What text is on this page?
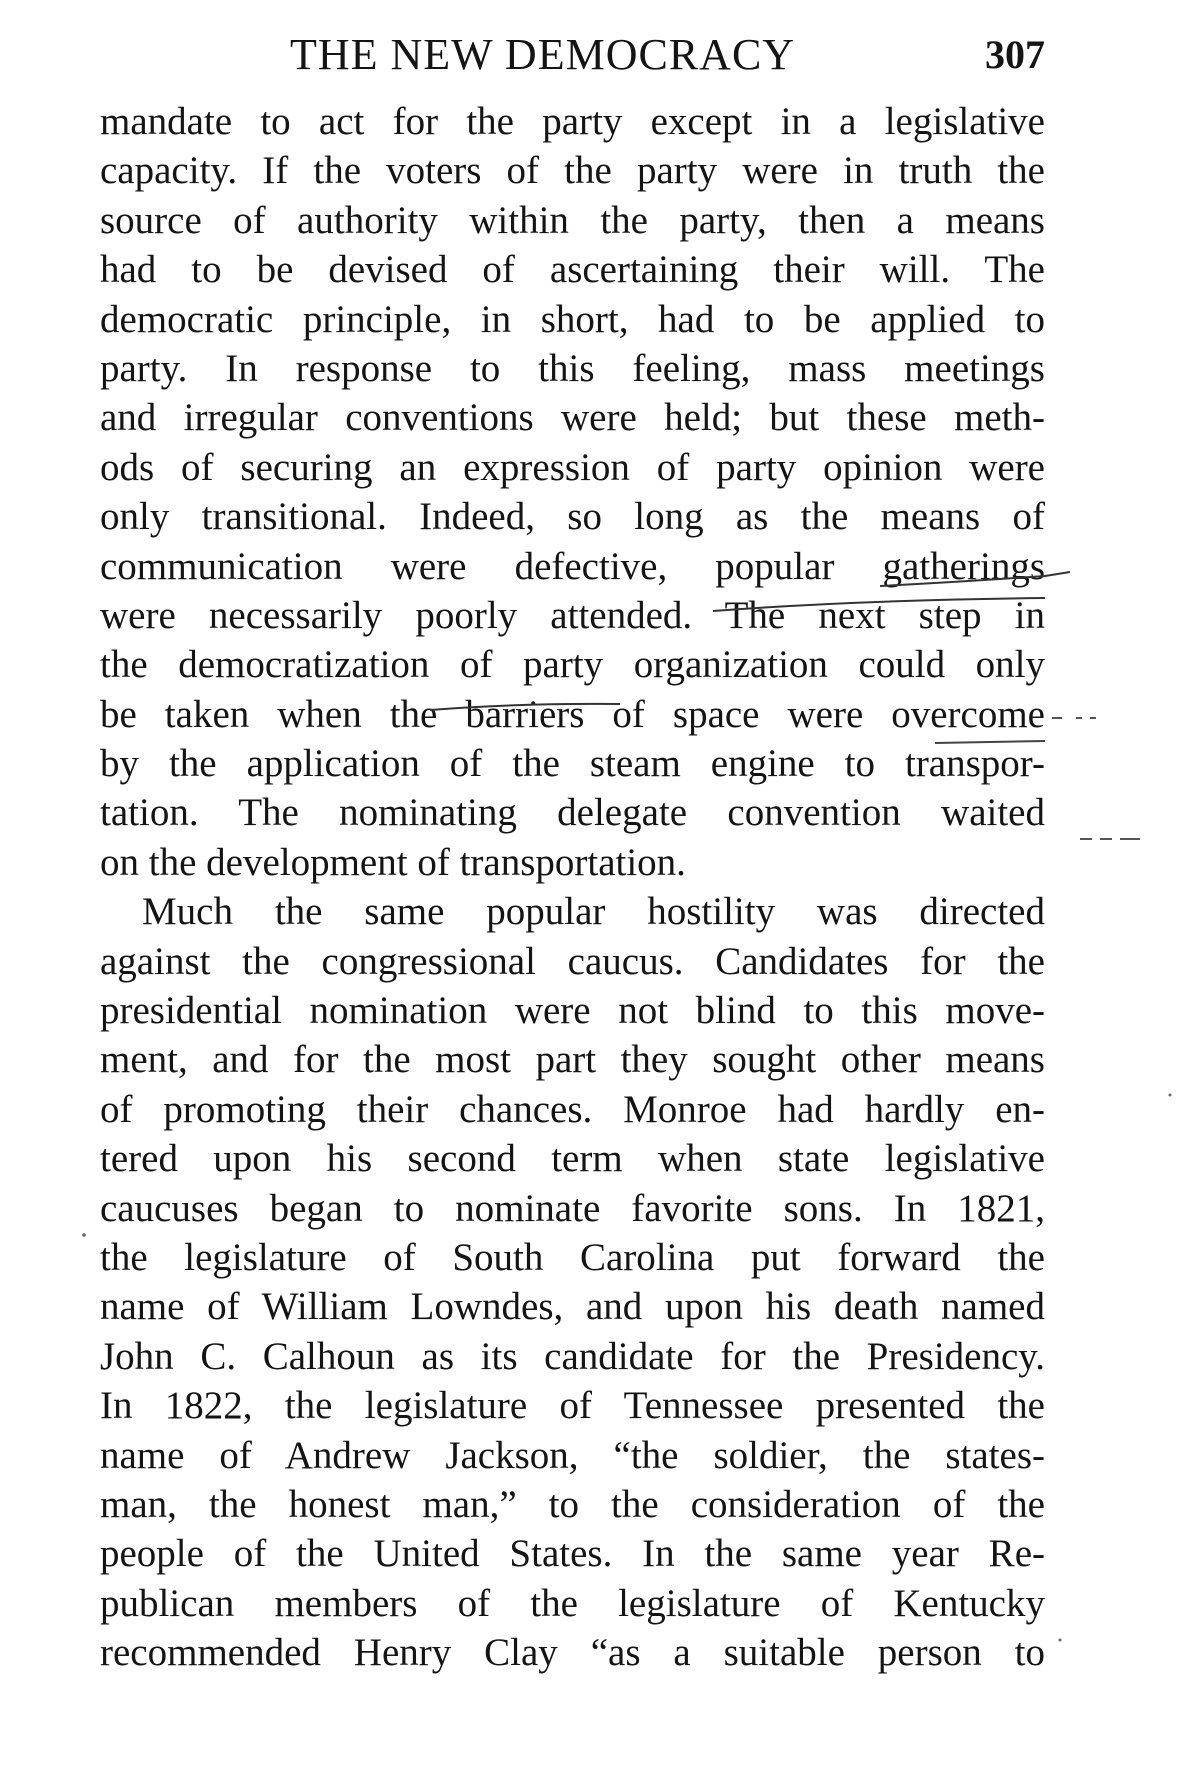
THE NEW DEMOCRACY	307
mandate to act for the party except in a legislative
capacity. If the voters of the party were in truth the
source of authority within the party, then a means
had to be devised of ascertaining their will. The
democratic principle, in short, had to be applied to
party. In response to this feeling, mass meetings
and irregular conventions were held; but these meth-
ods of securing an expression of party opinion were
only transitional. Indeed, so long as the means of
communication were defective, popular gatherings
were necessarily poorly attended. The next step in
the democratization of party organization could only
be taken when the barriers of space were overcome
by the application of the steam engine to transpor-
tation. The nominating delegate convention waited
on the development of transportation.
Much the same popular hostility was directed
against the congressional caucus. Candidates for the
presidential nomination were not blind to this move-
ment, and for the most part they sought other means
of promoting their chances. Monroe had hardly en-
tered upon his second term when state legislative
caucuses began to nominate favorite sons. In 1821,
the legislature of South Carolina put forward the
name of William Lowndes, and upon his death named
John C. Calhoun as its candidate for the Presidency.
In 1822, the legislature of Tennessee presented the
name of Andrew Jackson, “the soldier, the states-
man, the honest man,” to the consideration of the
people of the United States. In the same year Re-
publican members of the legislature of Kentucky
recommended Henry Clay “as a suitable person to
